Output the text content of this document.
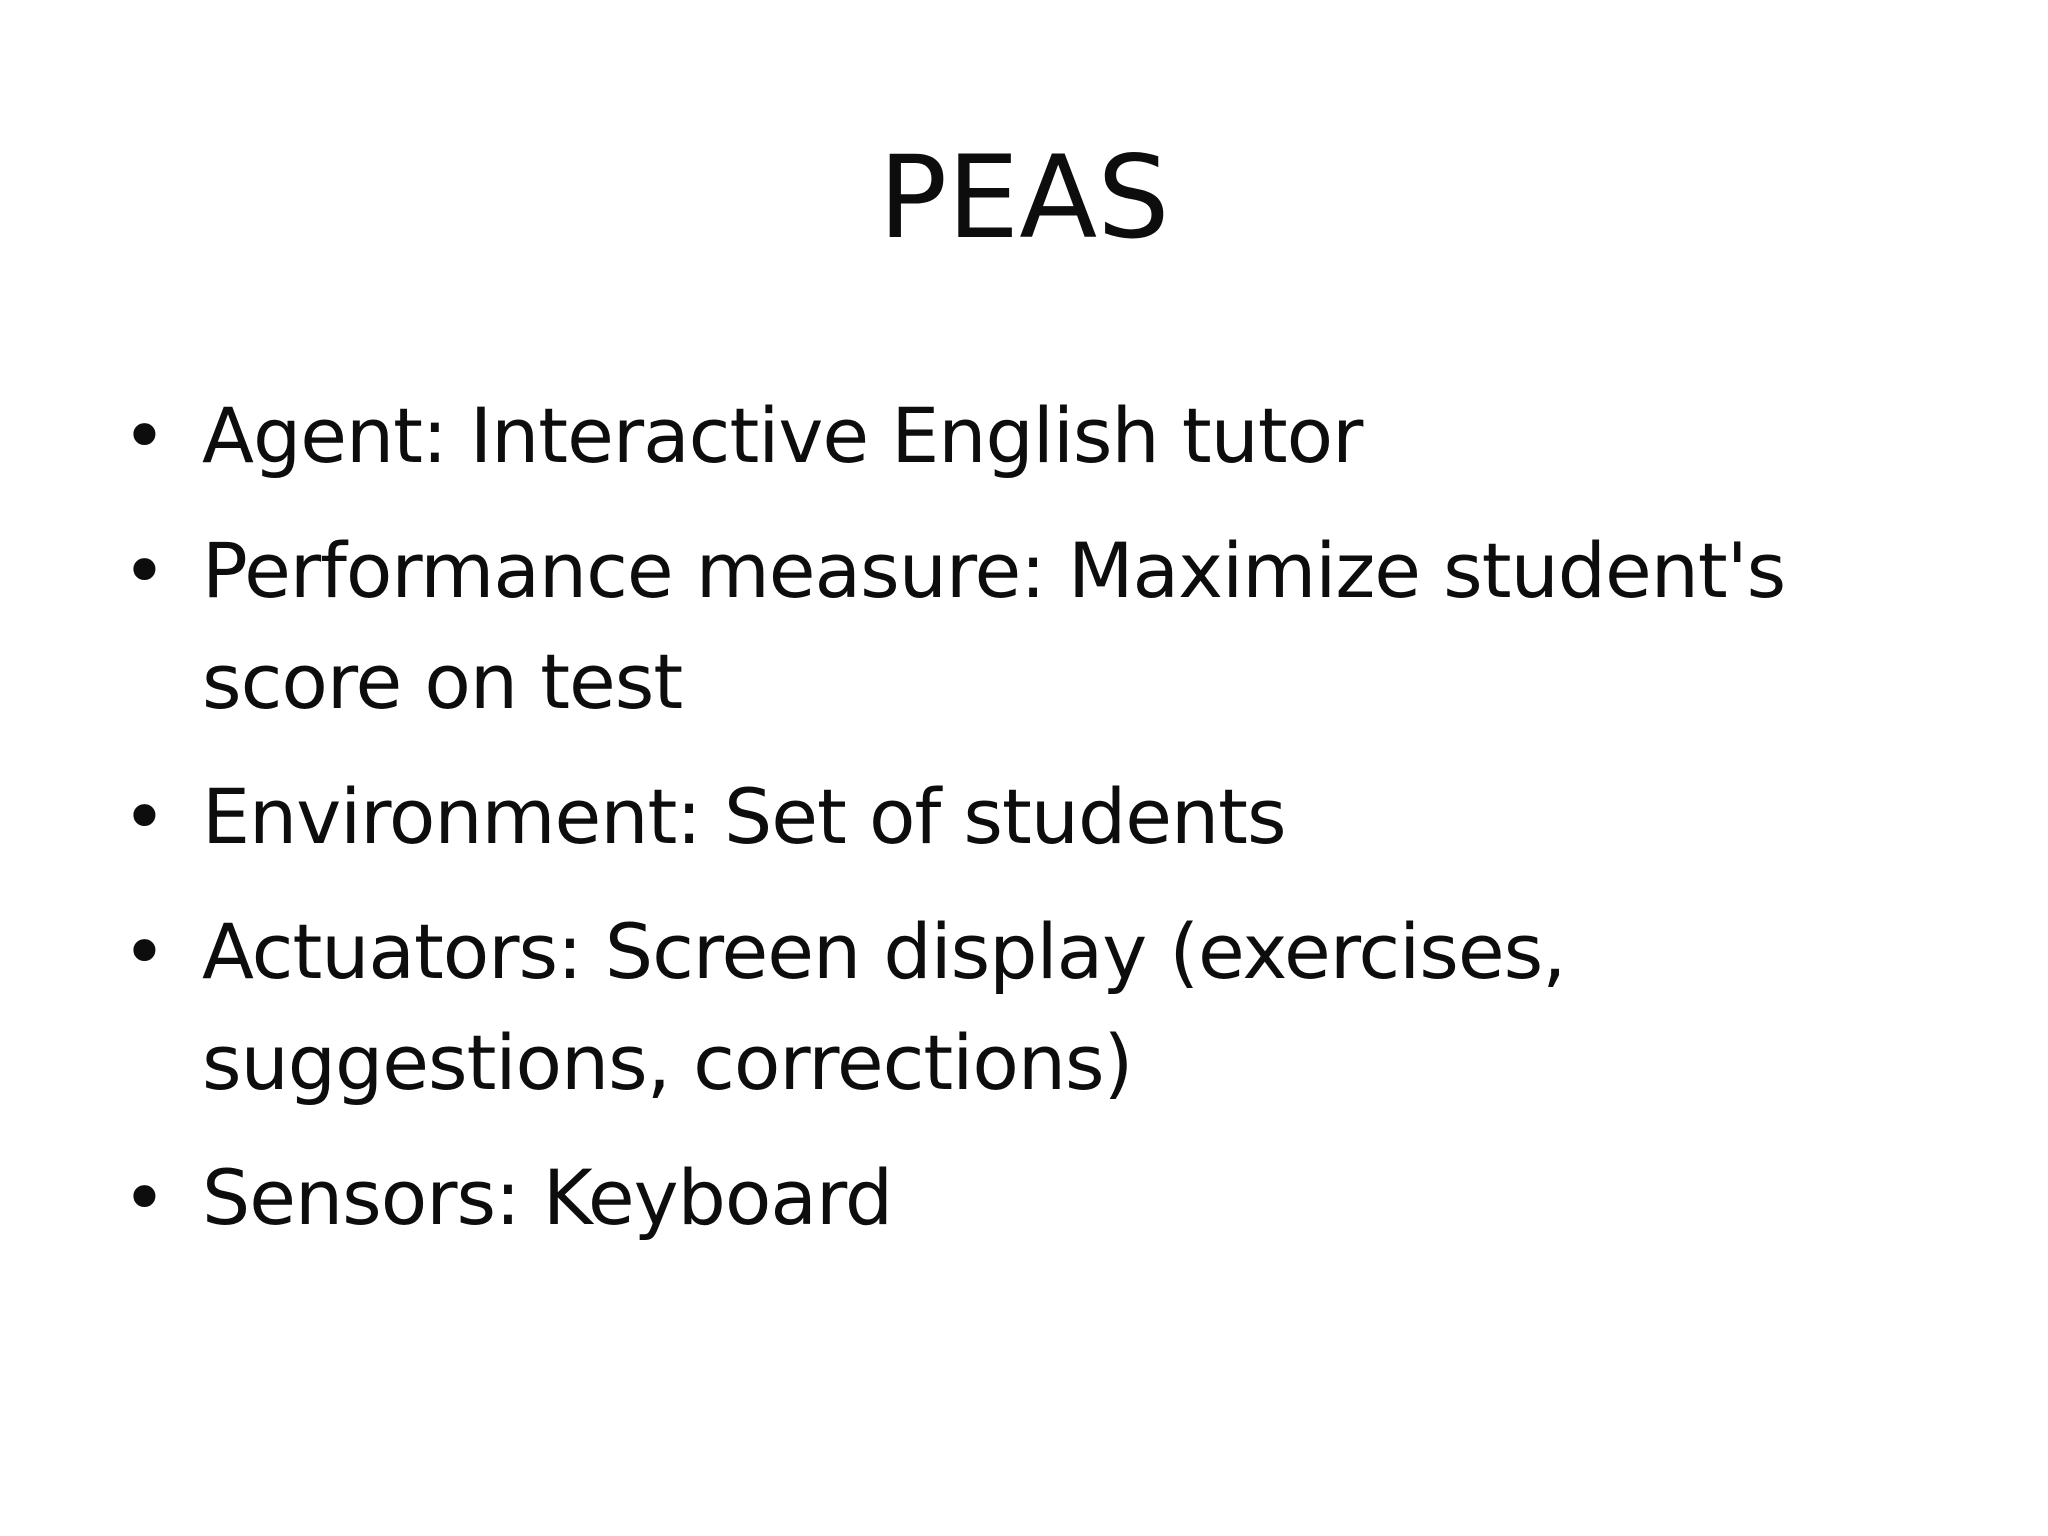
PEAS
• Agent: Interactive English tutor
• Performance measure: Maximize student's score on test
• Environment: Set of students
• Actuators: Screen display (exercises, suggestions, corrections)
• Sensors: Keyboard
